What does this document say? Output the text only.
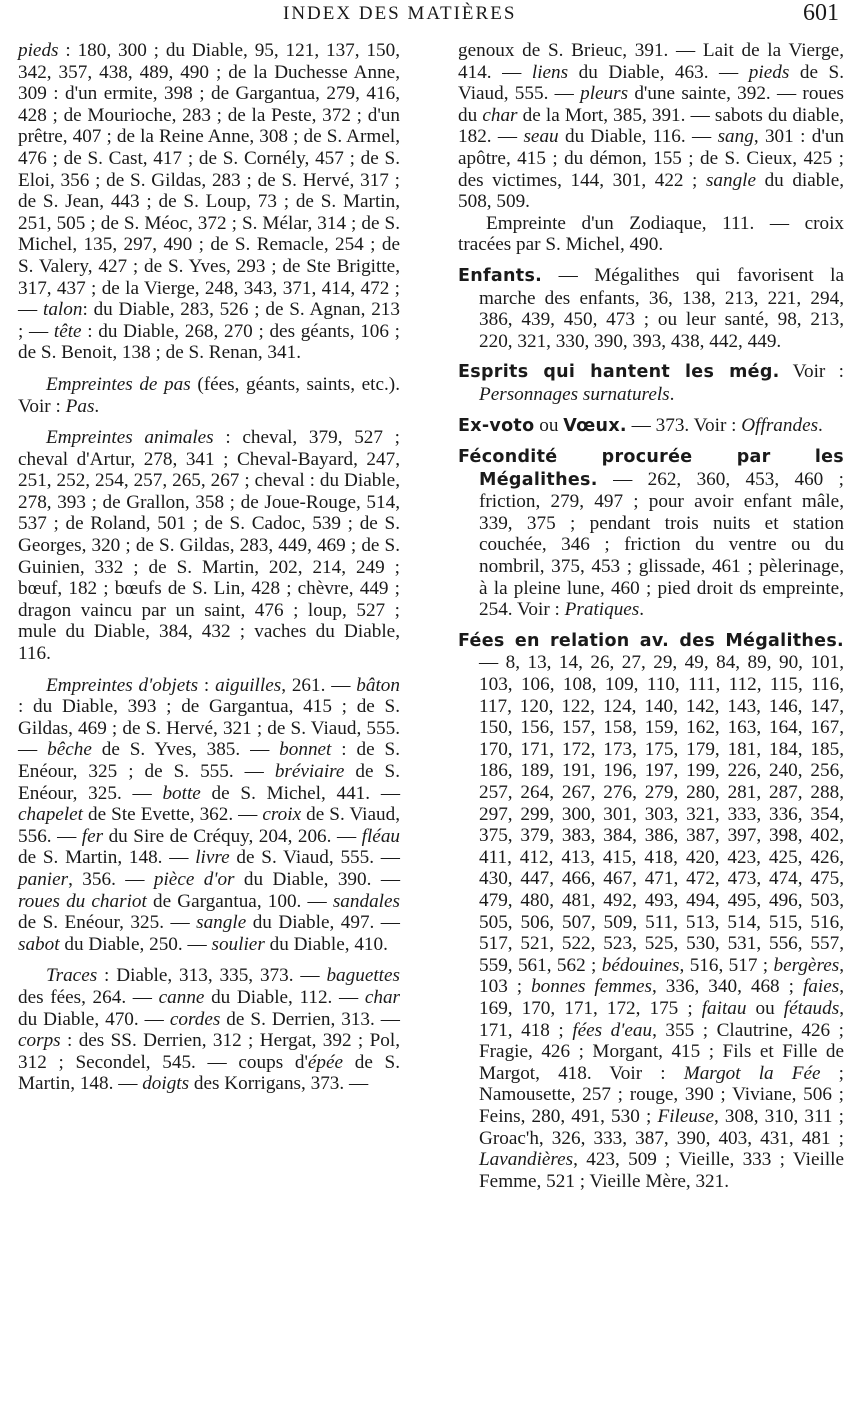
INDEX DES MATIÈRES	601

pieds : 180, 300 ; du Diable, 95, 121, 137, 150, 342, 357, 438, 489, 490 ; de la Duchesse Anne, 309 : d'un ermite, 398 ; de Gargantua, 279, 416, 428 ; de Mourioche, 283 ; de la Peste, 372 ; d'un prêtre, 407 ; de la Reine Anne, 308 ; de S. Armel, 476 ; de S. Cast, 417 ; de S. Cornély, 457 ; de S. Eloi, 356 ; de S. Gildas, 283 ; de S. Hervé, 317 ; de S. Jean, 443 ; de S. Loup, 73 ; de S. Martin, 251, 505 ; de S. Méoc, 372 ; S. Mélar, 314 ; de S. Michel, 135, 297, 490 ; de S. Remacle, 254 ; de S. Valery, 427 ; de S. Yves, 293 ; de Ste Brigitte, 317, 437 ; de la Vierge, 248, 343, 371, 414, 472 ; — talon: du Diable, 283, 526 ; de S. Agnan, 213 ; — tête : du Diable, 268, 270 ; des géants, 106 ; de S. Benoit, 138 ; de S. Renan, 341.

Empreintes de pas (fées, géants, saints, etc.). Voir : Pas.

Empreintes animales : cheval, 379, 527 ; cheval d'Artur, 278, 341 ; Cheval-Bayard, 247, 251, 252, 254, 257, 265, 267 ; cheval : du Diable, 278, 393 ; de Grallon, 358 ; de Joue-Rouge, 514, 537 ; de Roland, 501 ; de S. Cadoc, 539 ; de S. Georges, 320 ; de S. Gildas, 283, 449, 469 ; de S. Guinien, 332 ; de S. Martin, 202, 214, 249 ; bœuf, 182 ; bœufs de S. Lin, 428 ; chèvre, 449 ; dragon vaincu par un saint, 476 ; loup, 527 ; mule du Diable, 384, 432 ; vaches du Diable, 116.

Empreintes d'objets : aiguilles, 261. — bâton : du Diable, 393 ; de Gargantua, 415 ; de S. Gildas, 469 ; de S. Hervé, 321 ; de S. Viaud, 555. — bêche de S. Yves, 385. — bonnet : de S. Enéour, 325 ; de S. 555. — bréviaire de S. Enéour, 325. — botte de S. Michel, 441. — chapelet de Ste Evette, 362. — croix de S. Viaud, 556. — fer du Sire de Créquy, 204, 206. — fléau de S. Martin, 148. — livre de S. Viaud, 555. — panier, 356. — pièce d'or du Diable, 390. — roues du chariot de Gargantua, 100. — sandales de S. Enéour, 325. — sangle du Diable, 497. — sabot du Diable, 250. — soulier du Diable, 410.

Traces : Diable, 313, 335, 373. — baguettes des fées, 264. — canne du Diable, 112. — char du Diable, 470. — cordes de S. Derrien, 313. — corps : des SS. Derrien, 312 ; Hergat, 392 ; Pol, 312 ; Secondel, 545. — coups d'épée de S. Martin, 148. — doigts des Korrigans, 373. —

genoux de S. Brieuc, 391. — Lait de la Vierge, 414. — liens du Diable, 463. — pieds de S. Viaud, 555. — pleurs d'une sainte, 392. — roues du char de la Mort, 385, 391. — sabots du diable, 182. — seau du Diable, 116. — sang, 301 : d'un apôtre, 415 ; du démon, 155 ; de S. Cieux, 425 ; des victimes, 144, 301, 422 ; sangle du diable, 508, 509.

Empreinte d'un Zodiaque, 111. — croix tracées par S. Michel, 490.

Enfants. — Mégalithes qui favorisent la marche des enfants, 36, 138, 213, 221, 294, 386, 439, 450, 473 ; ou leur santé, 98, 213, 220, 321, 330, 390, 393, 438, 442, 449.

Esprits qui hantent les még. Voir : Personnages surnaturels.

Ex-voto ou Vœux. — 373. Voir : Offrandes.

Fécondité procurée par les Mégalithes. — 262, 360, 453, 460 ; friction, 279, 497 ; pour avoir enfant mâle, 339, 375 ; pendant trois nuits et station couchée, 346 ; friction du ventre ou du nombril, 375, 453 ; glissade, 461 ; pèlerinage, à la pleine lune, 460 ; pied droit ds empreinte, 254. Voir : Pratiques.

Fées en relation av. des Mégalithes. — 8, 13, 14, 26, 27, 29, 49, 84, 89, 90, 101, 103, 106, 108, 109, 110, 111, 112, 115, 116, 117, 120, 122, 124, 140, 142, 143, 146, 147, 150, 156, 157, 158, 159, 162, 163, 164, 167, 170, 171, 172, 173, 175, 179, 181, 184, 185, 186, 189, 191, 196, 197, 199, 226, 240, 256, 257, 264, 267, 276, 279, 280, 281, 287, 288, 297, 299, 300, 301, 303, 321, 333, 336, 354, 375, 379, 383, 384, 386, 387, 397, 398, 402, 411, 412, 413, 415, 418, 420, 423, 425, 426, 430, 447, 466, 467, 471, 472, 473, 474, 475, 479, 480, 481, 492, 493, 494, 495, 496, 503, 505, 506, 507, 509, 511, 513, 514, 515, 516, 517, 521, 522, 523, 525, 530, 531, 556, 557, 559, 561, 562 ; bédouines, 516, 517 ; bergères, 103 ; bonnes femmes, 336, 340, 468 ; faies, 169, 170, 171, 172, 175 ; faitau ou fétauds, 171, 418 ; fées d'eau, 355 ; Clautrine, 426 ; Fragie, 426 ; Morgant, 415 ; Fils et Fille de Margot, 418. Voir : Margot la Fée ; Namousette, 257 ; rouge, 390 ; Viviane, 506 ; Feins, 280, 491, 530 ; Fileuse, 308, 310, 311 ; Groac'h, 326, 333, 387, 390, 403, 431, 481 ; Lavandières, 423, 509 ; Vieille, 333 ; Vieille Femme, 521 ; Vieille Mère, 321.
